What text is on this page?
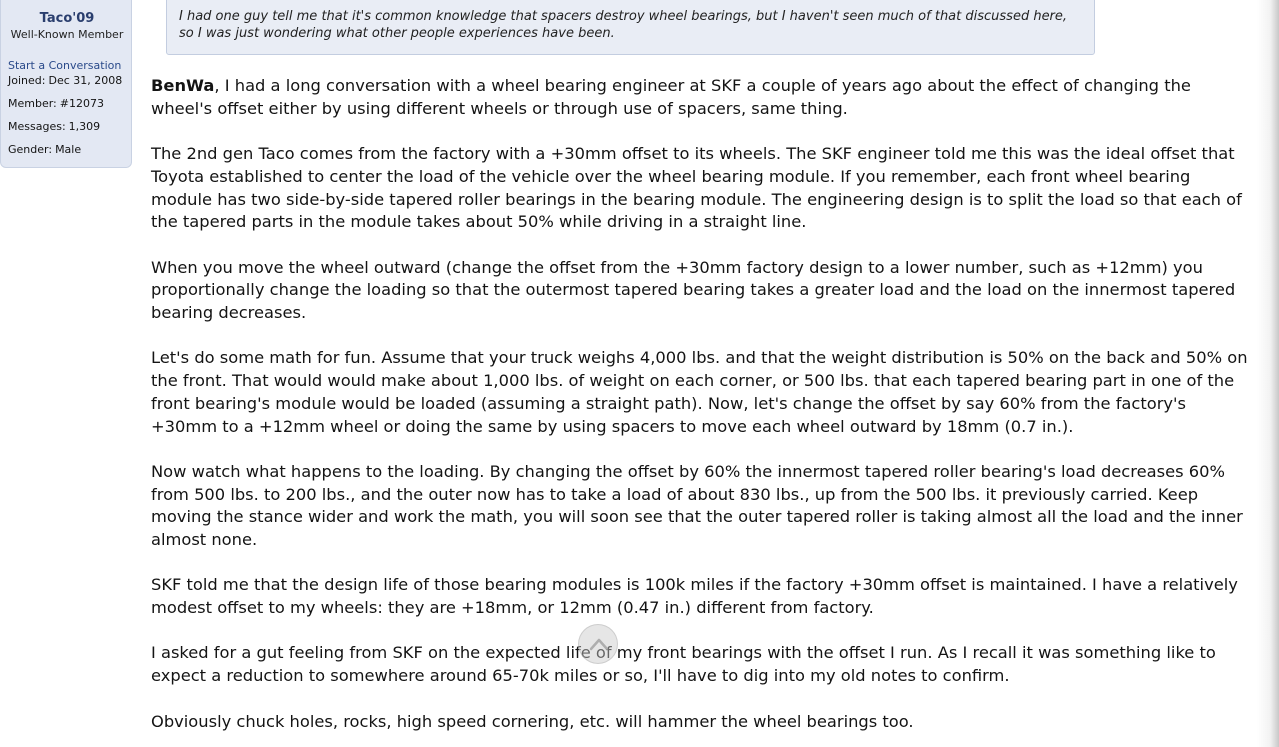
Taco'09
Well-Known Member
Start a Conversation
Joined: Dec 31, 2008
Member: #12073
Messages: 1,309
Gender: Male

I had one guy tell me that it's common knowledge that spacers destroy wheel bearings, but I haven't seen much of that discussed here,

so I was just wondering what other people experiences have been.

BenWa, I had a long conversation with a wheel bearing engineer at SKF a couple of years ago about the effect of changing the wheel's offset either by using different wheels or through use of spacers, same thing.

The 2nd gen Taco comes from the factory with a +30mm offset to its wheels. The SKF engineer told me this was the ideal offset that Toyota established to center the load of the vehicle over the wheel bearing module. If you remember, each front wheel bearing module has two side-by-side tapered roller bearings in the bearing module. The engineering design is to split the load so that each of the tapered parts in the module takes about 50% while driving in a straight line.

When you move the wheel outward (change the offset from the +30mm factory design to a lower number, such as +12mm) you proportionally change the loading so that the outermost tapered bearing takes a greater load and the load on the innermost tapered bearing decreases.

Let's do some math for fun. Assume that your truck weighs 4,000 lbs. and that the weight distribution is 50% on the back and 50% on the front. That would would make about 1,000 lbs. of weight on each corner, or 500 lbs. that each tapered bearing part in one of the front bearing's module would be loaded (assuming a straight path). Now, let's change the offset by say 60% from the factory's +30mm to a +12mm wheel or doing the same by using spacers to move each wheel outward by 18mm (0.7 in.).

Now watch what happens to the loading. By changing the offset by 60% the innermost tapered roller bearing's load decreases 60% from 500 lbs. to 200 lbs., and the outer now has to take a load of about 830 lbs., up from the 500 lbs. it previously carried. Keep moving the stance wider and work the math, you will soon see that the outer tapered roller is taking almost all the load and the inner almost none.

SKF told me that the design life of those bearing modules is 100k miles if the factory +30mm offset is maintained. I have a relatively modest offset to my wheels: they are +18mm, or 12mm (0.47 in.) different from factory.

I asked for a gut feeling from SKF on the expected life of my front bearings with the offset I run. As I recall it was something like to expect a reduction to somewhere around 65-70k miles or so, I'll have to dig into my old notes to confirm.

Obviously chuck holes, rocks, high speed cornering, etc. will hammer the wheel bearings too.
